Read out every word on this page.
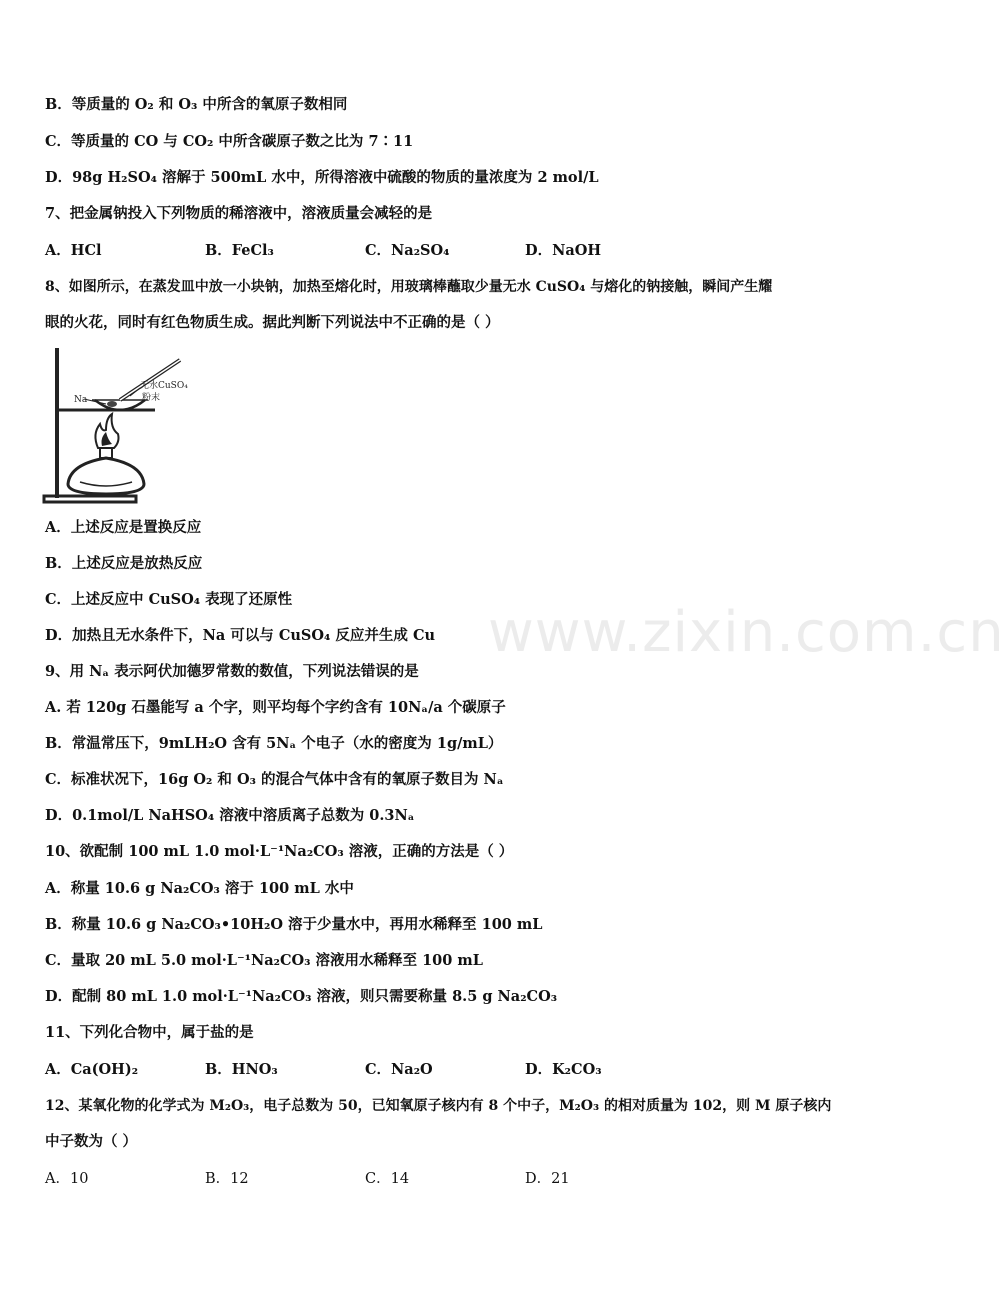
www.zixin.com.cn
B．等质量的 O₂ 和 O₃ 中所含的氧原子数相同
C．等质量的 CO 与 CO₂ 中所含碳原子数之比为 7∶11
D．98g H₂SO₄ 溶解于 500mL 水中，所得溶液中硫酸的物质的量浓度为 2 mol/L
7、把金属钠投入下列物质的稀溶液中，溶液质量会减轻的是
A．HCl	B．FeCl₃	C．Na₂SO₄	D．NaOH
8、如图所示，在蒸发皿中放一小块钠，加热至熔化时，用玻璃棒蘸取少量无水 CuSO₄ 与熔化的钠接触，瞬间产生耀
眼的火花，同时有红色物质生成。据此判断下列说法中不正确的是（ ）
Na
无水CuSO₄
粉末
A．上述反应是置换反应
B．上述反应是放热反应
C．上述反应中 CuSO₄ 表现了还原性
D．加热且无水条件下，Na 可以与 CuSO₄ 反应并生成 Cu
9、用 Nₐ 表示阿伏加德罗常数的数值，下列说法错误的是
A. 若 120g 石墨能写 a 个字，则平均每个字约含有 10Nₐ/a 个碳原子
B．常温常压下，9mLH₂O 含有 5Nₐ 个电子（水的密度为 1g/mL）
C．标准状况下，16g O₂ 和 O₃ 的混合气体中含有的氧原子数目为 Nₐ
D．0.1mol/L NaHSO₄ 溶液中溶质离子总数为 0.3Nₐ
10、欲配制 100 mL 1.0 mol·L⁻¹Na₂CO₃ 溶液，正确的方法是（ ）
A．称量 10.6 g Na₂CO₃ 溶于 100 mL 水中
B．称量 10.6 g Na₂CO₃•10H₂O 溶于少量水中，再用水稀释至 100 mL
C．量取 20 mL 5.0 mol·L⁻¹Na₂CO₃ 溶液用水稀释至 100 mL
D．配制 80 mL 1.0 mol·L⁻¹Na₂CO₃ 溶液，则只需要称量 8.5 g Na₂CO₃
11、下列化合物中，属于盐的是
A．Ca(OH)₂	B．HNO₃	C．Na₂O	D．K₂CO₃
12、某氧化物的化学式为 M₂O₃，电子总数为 50，已知氧原子核内有 8 个中子，M₂O₃ 的相对质量为 102，则 M 原子核内
中子数为（ ）
A．10	B．12	C．14	D．21
